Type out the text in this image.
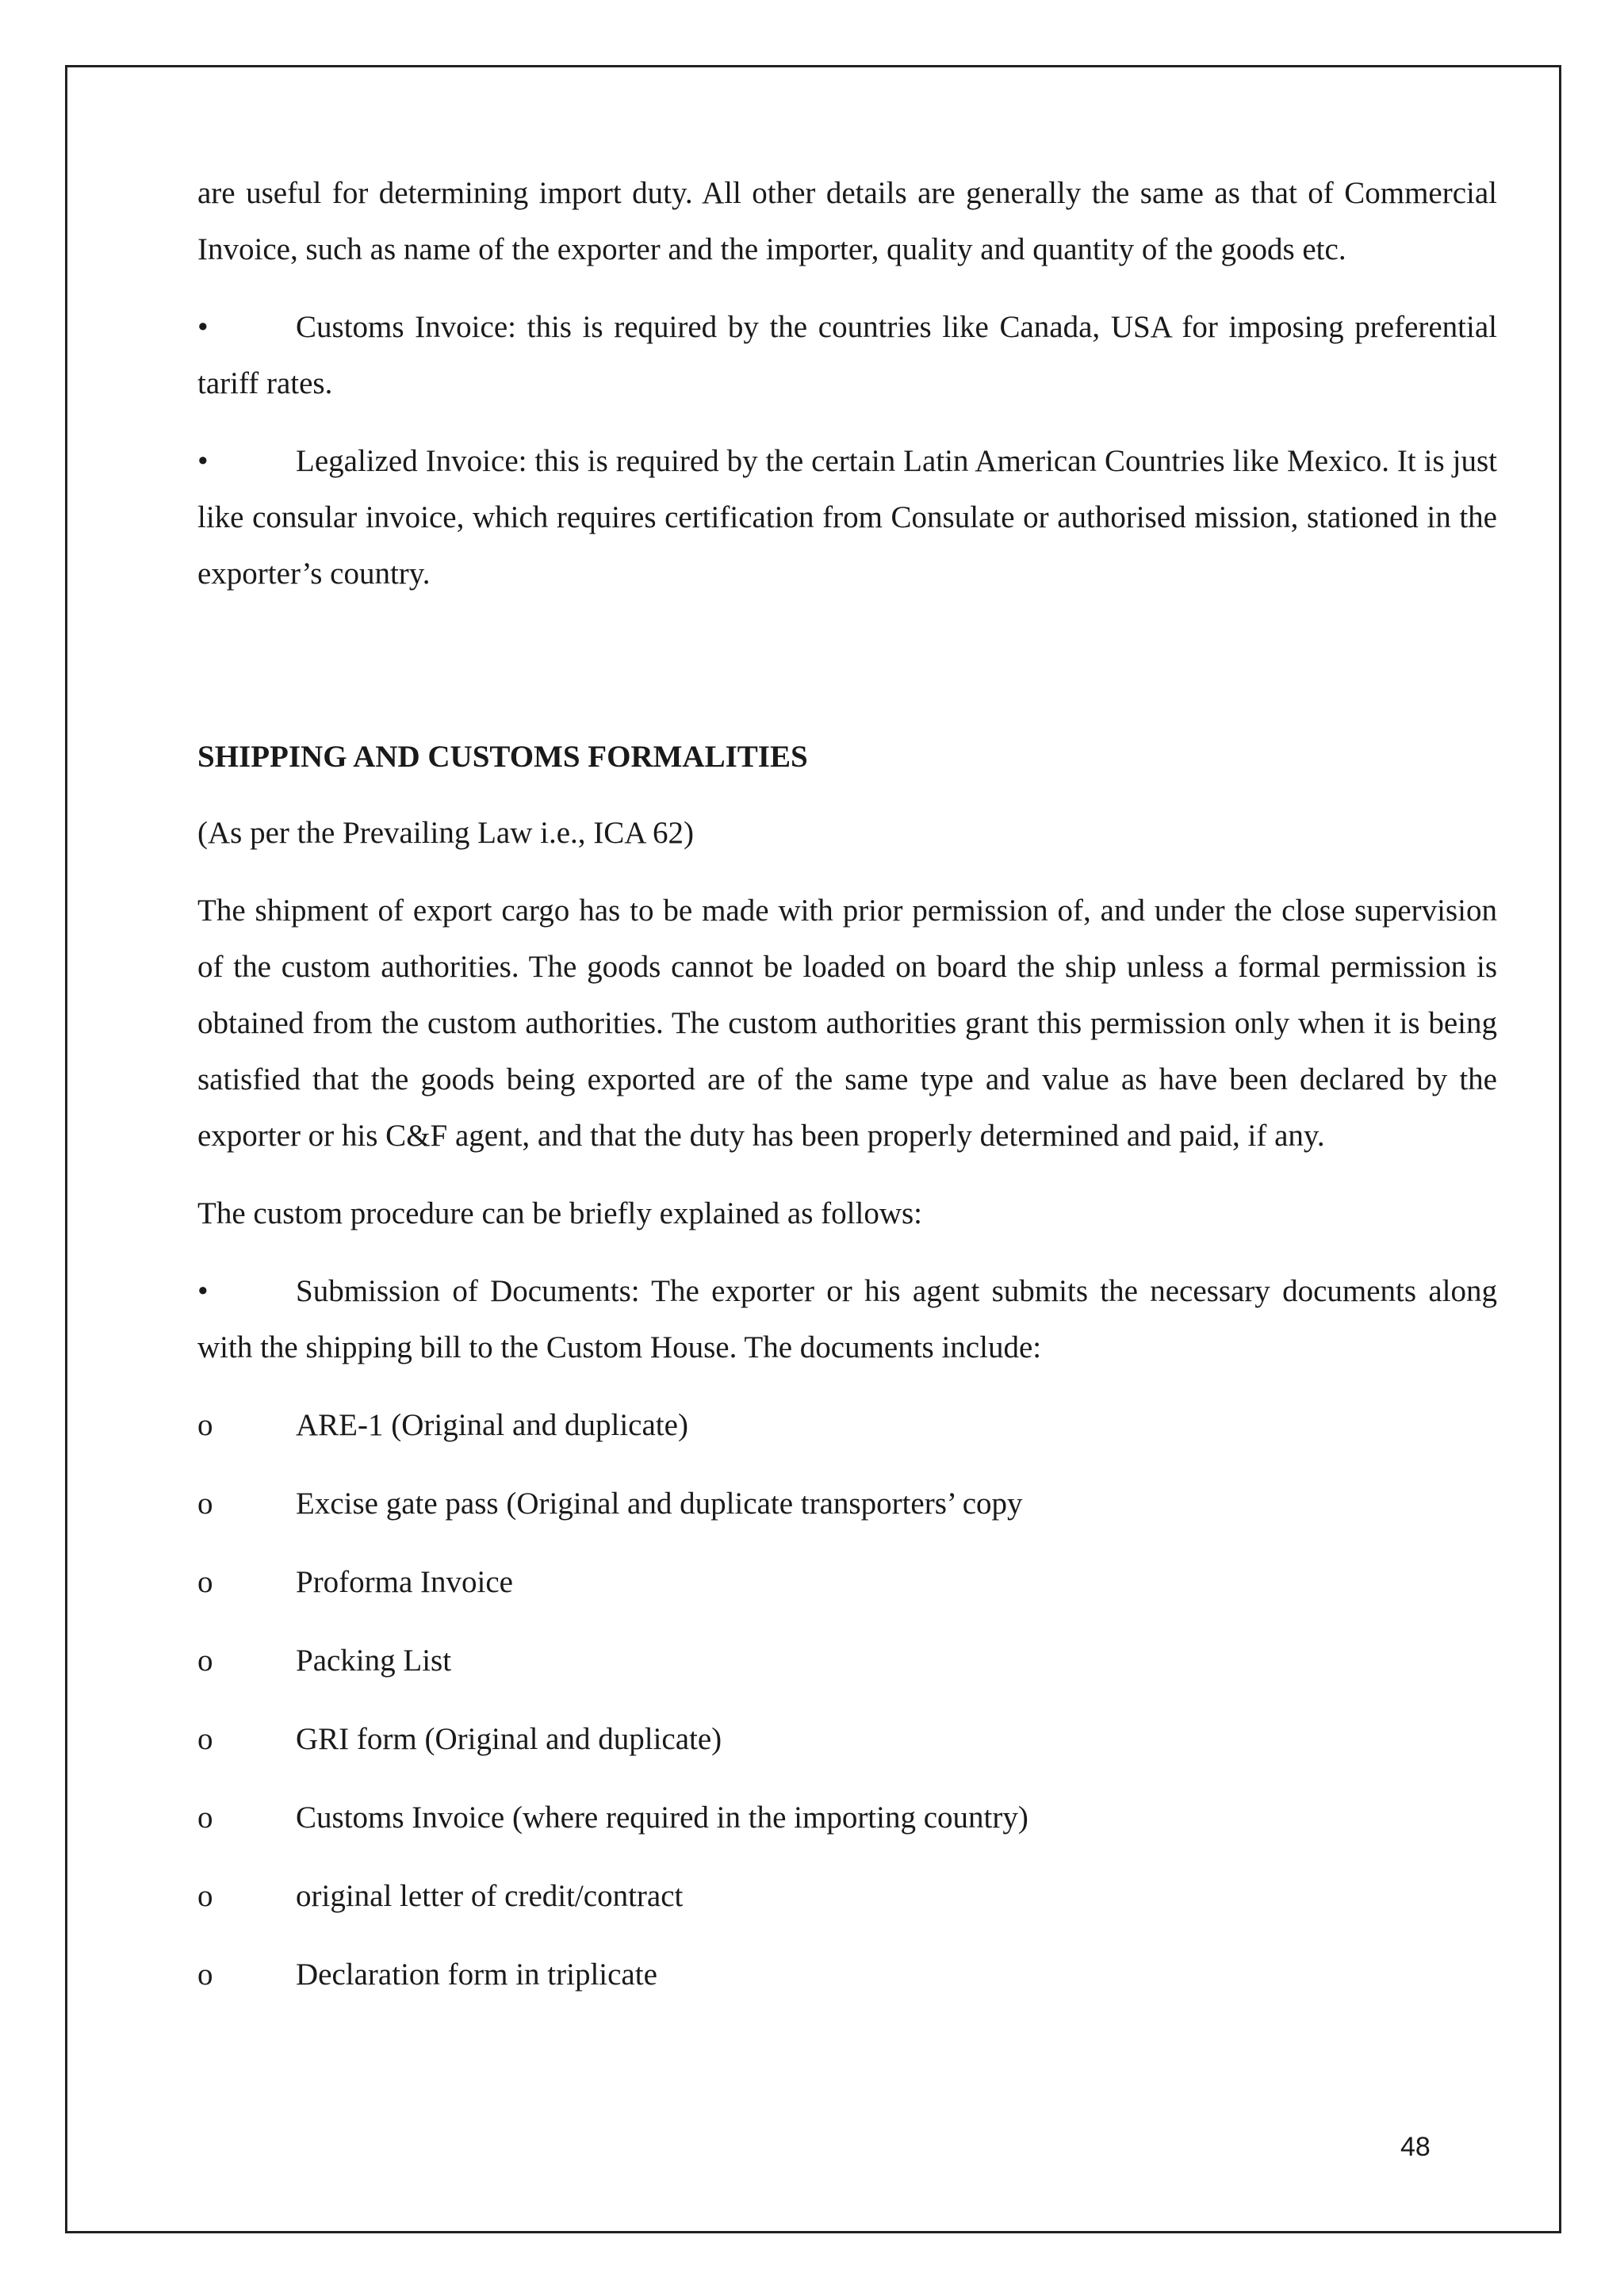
are useful for determining import duty. All other details are generally the same as that of Commercial Invoice, such as name of the exporter and the importer, quality and quantity of the goods etc.

•	Customs Invoice: this is required by the countries like Canada, USA for imposing preferential tariff rates.

•	Legalized Invoice: this is required by the certain Latin American Countries like Mexico. It is just like consular invoice, which requires certification from Consulate or authorised mission, stationed in the exporter’s country.

SHIPPING AND CUSTOMS FORMALITIES

(As per the Prevailing Law i.e., ICA 62)

The shipment of export cargo has to be made with prior permission of, and under the close supervision of the custom authorities. The goods cannot be loaded on board the ship unless a formal permission is obtained from the custom authorities. The custom authorities grant this permission only when it is being satisfied that the goods being exported are of the same type and value as have been declared by the exporter or his C&F agent, and that the duty has been properly determined and paid, if any.

The custom procedure can be briefly explained as follows:

•	Submission of Documents: The exporter or his agent submits the necessary documents along with the shipping bill to the Custom House. The documents include:

o	ARE-1 (Original and duplicate)
o	Excise gate pass (Original and duplicate transporters’ copy
o	Proforma Invoice
o	Packing List
o	GRI form (Original and duplicate)
o	Customs Invoice (where required in the importing country)
o	original letter of credit/contract
o	Declaration form in triplicate
48
